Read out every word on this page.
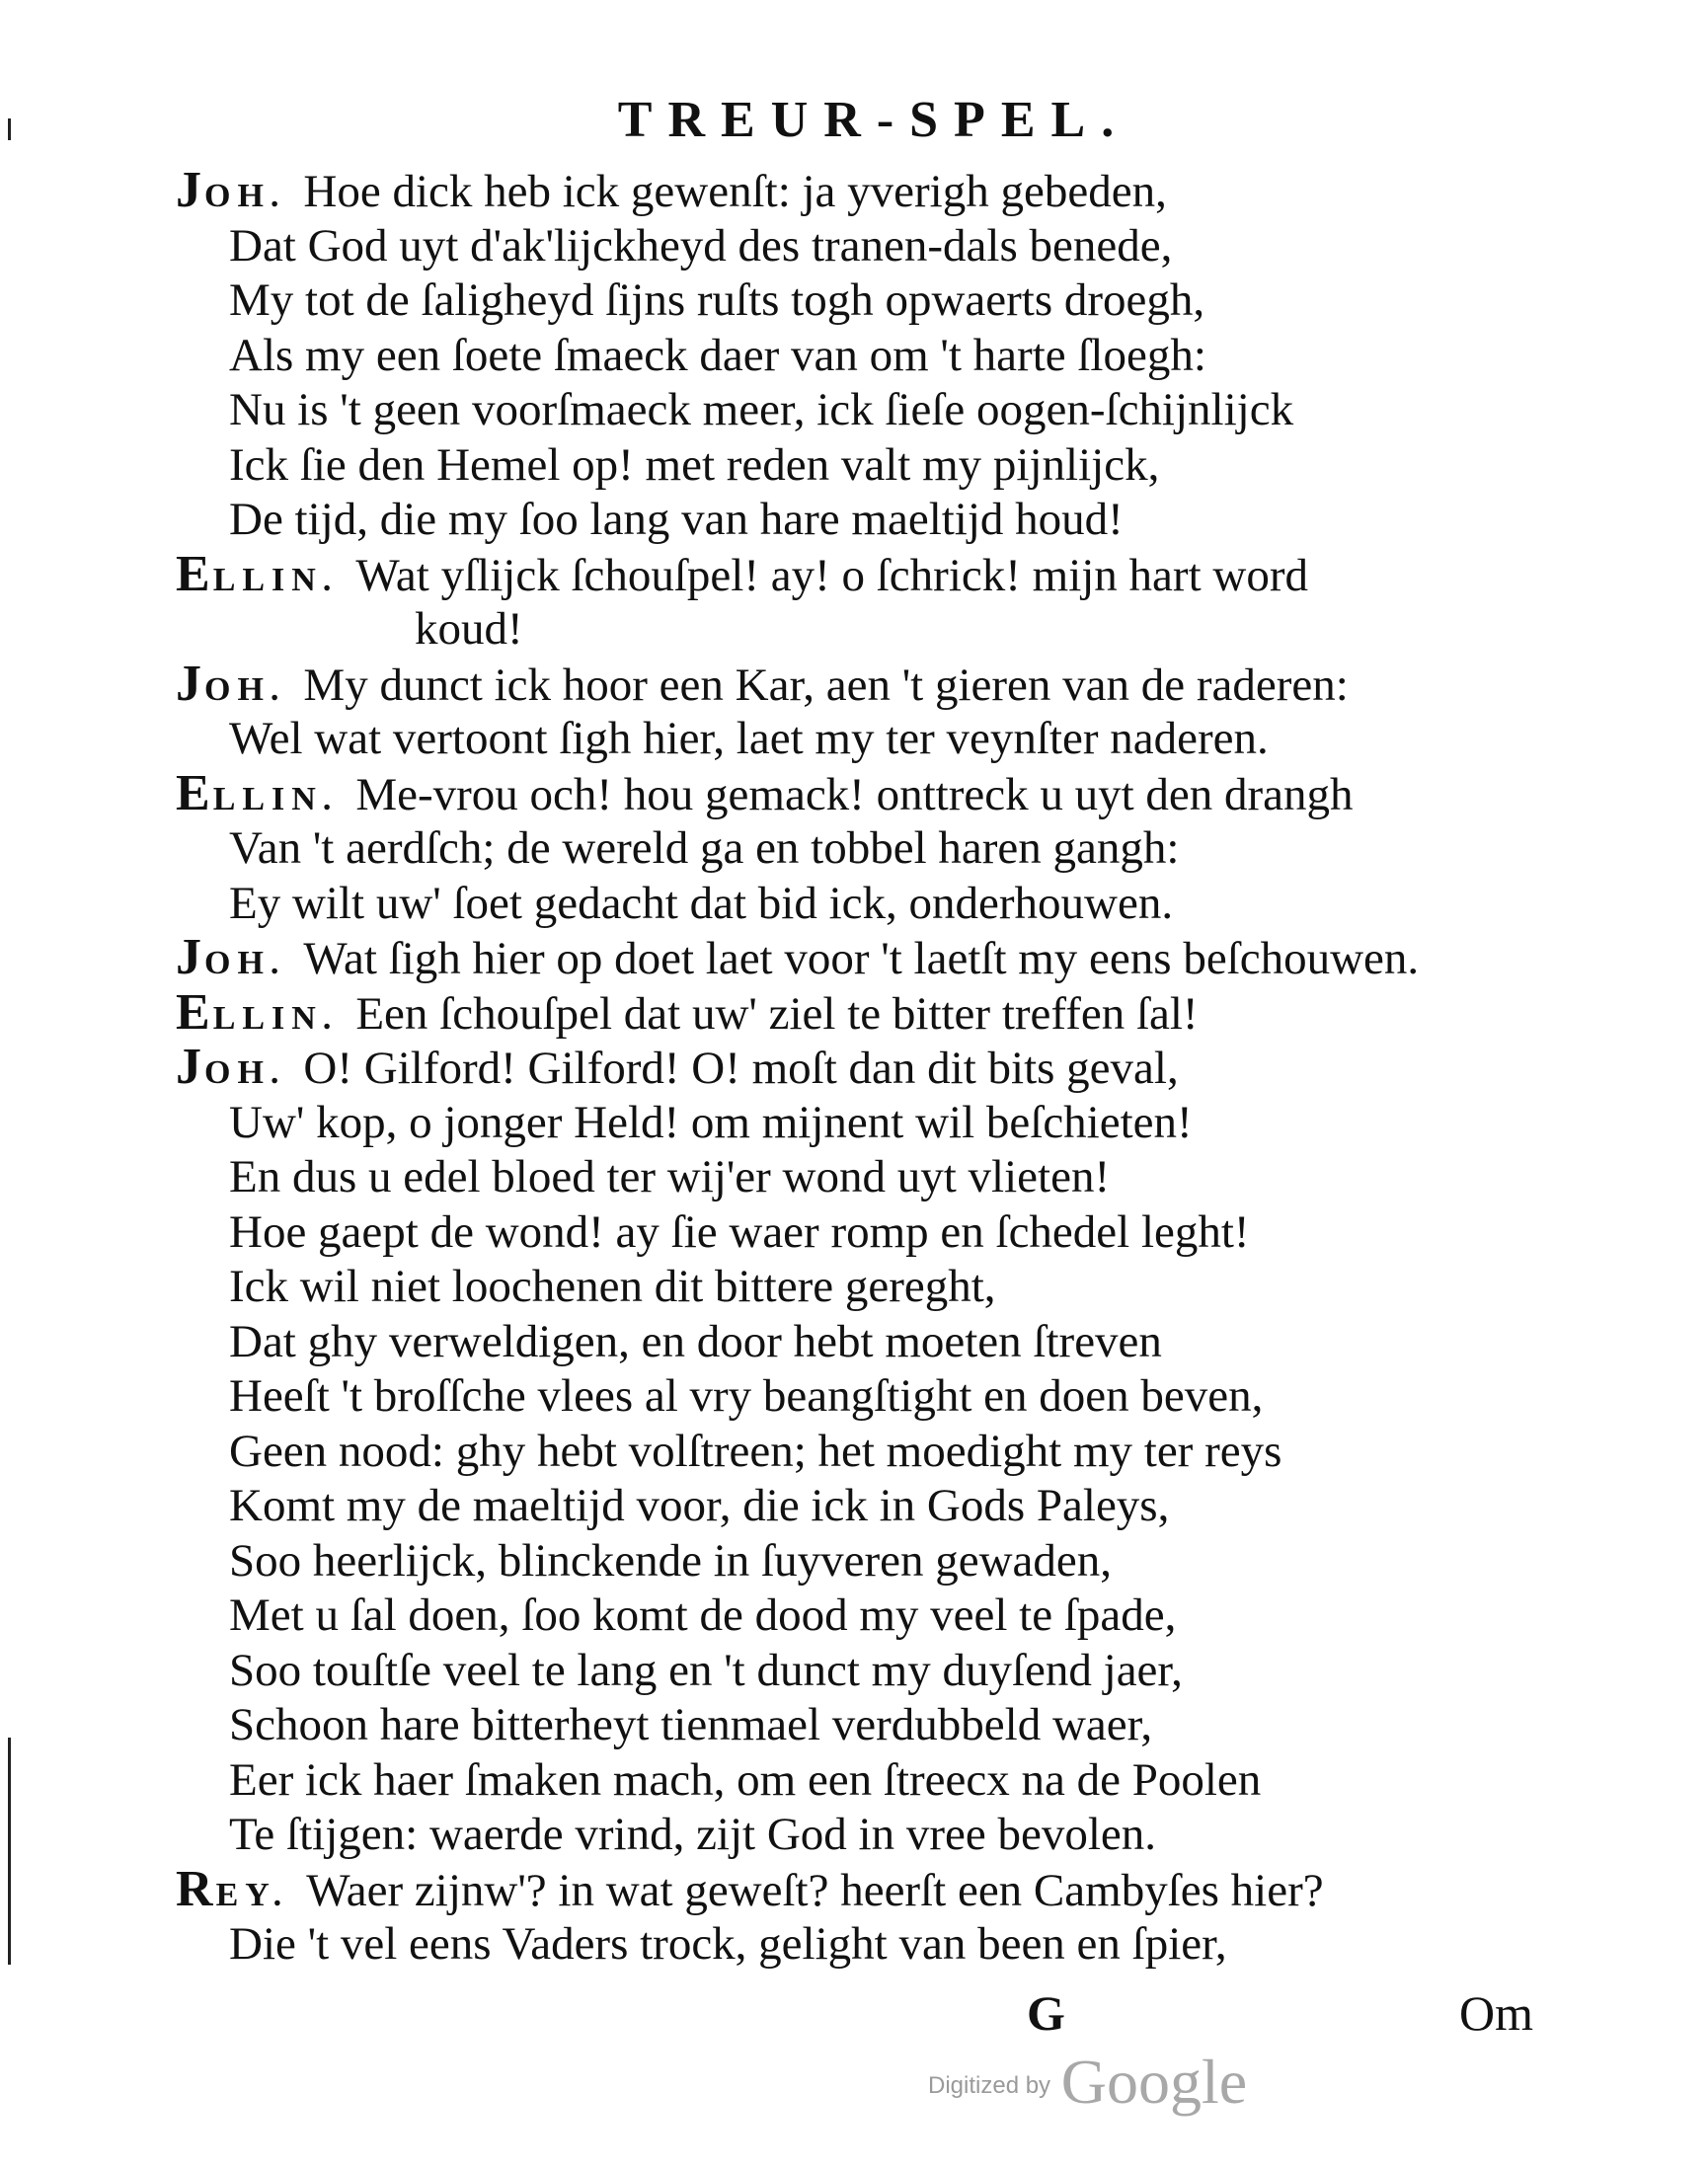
TREUR-SPEL.
JOH. Hoe dick heb ick gewenſt: ja yverigh gebeden,
Dat God uyt d'ak'lijckheyd des tranen-dals benede,
My tot de ſaligheyd ſijns ruſts togh opwaerts droegh,
Als my een ſoete ſmaeck daer van om 't harte ſloegh:
Nu is 't geen voorſmaeck meer, ick ſieſe oogen-ſchijnlijck
Ick ſie den Hemel op! met reden valt my pijnlijck,
De tijd, die my ſoo lang van hare maeltijd houd!
ELLIN. Wat yſlijck ſchouſpel! ay! o ſchrick! mijn hart word
koud!
JOH. My dunct ick hoor een Kar, aen 't gieren van de raderen:
Wel wat vertoont ſigh hier, laet my ter veynſter naderen.
ELLIN. Me-vrou och! hou gemack! onttreck u uyt den drangh
Van 't aerdſch; de wereld ga en tobbel haren gangh:
Ey wilt uw' ſoet gedacht dat bid ick, onderhouwen.
JOH. Wat ſigh hier op doet laet voor 't laetſt my eens beſchouwen.
ELLIN. Een ſchouſpel dat uw' ziel te bitter treffen ſal!
JOH. O! Gilford! Gilford! O! moſt dan dit bits geval,
Uw' kop, o jonger Held! om mijnent wil beſchieten!
En dus u edel bloed ter wij'er wond uyt vlieten!
Hoe gaept de wond! ay ſie waer romp en ſchedel leght!
Ick wil niet loochenen dit bittere gereght,
Dat ghy verweldigen, en door hebt moeten ſtreven
Heeſt 't broſſche vlees al vry beangſtight en doen beven,
Geen nood: ghy hebt volſtreen; het moedight my ter reys
Komt my de maeltijd voor, die ick in Gods Paleys,
Soo heerlijck, blinckende in ſuyveren gewaden,
Met u ſal doen, ſoo komt de dood my veel te ſpade,
Soo touſtſe veel te lang en 't dunct my duyſend jaer,
Schoon hare bitterheyt tienmael verdubbeld waer,
Eer ick haer ſmaken mach, om een ſtreecx na de Poolen
Te ſtijgen: waerde vrind, zijt God in vree bevolen.
REY. Waer zijnw'? in wat geweſt? heerſt een Cambyſes hier?
Die 't vel eens Vaders trock, gelight van been en ſpier,
G	Om
Digitized by Google
